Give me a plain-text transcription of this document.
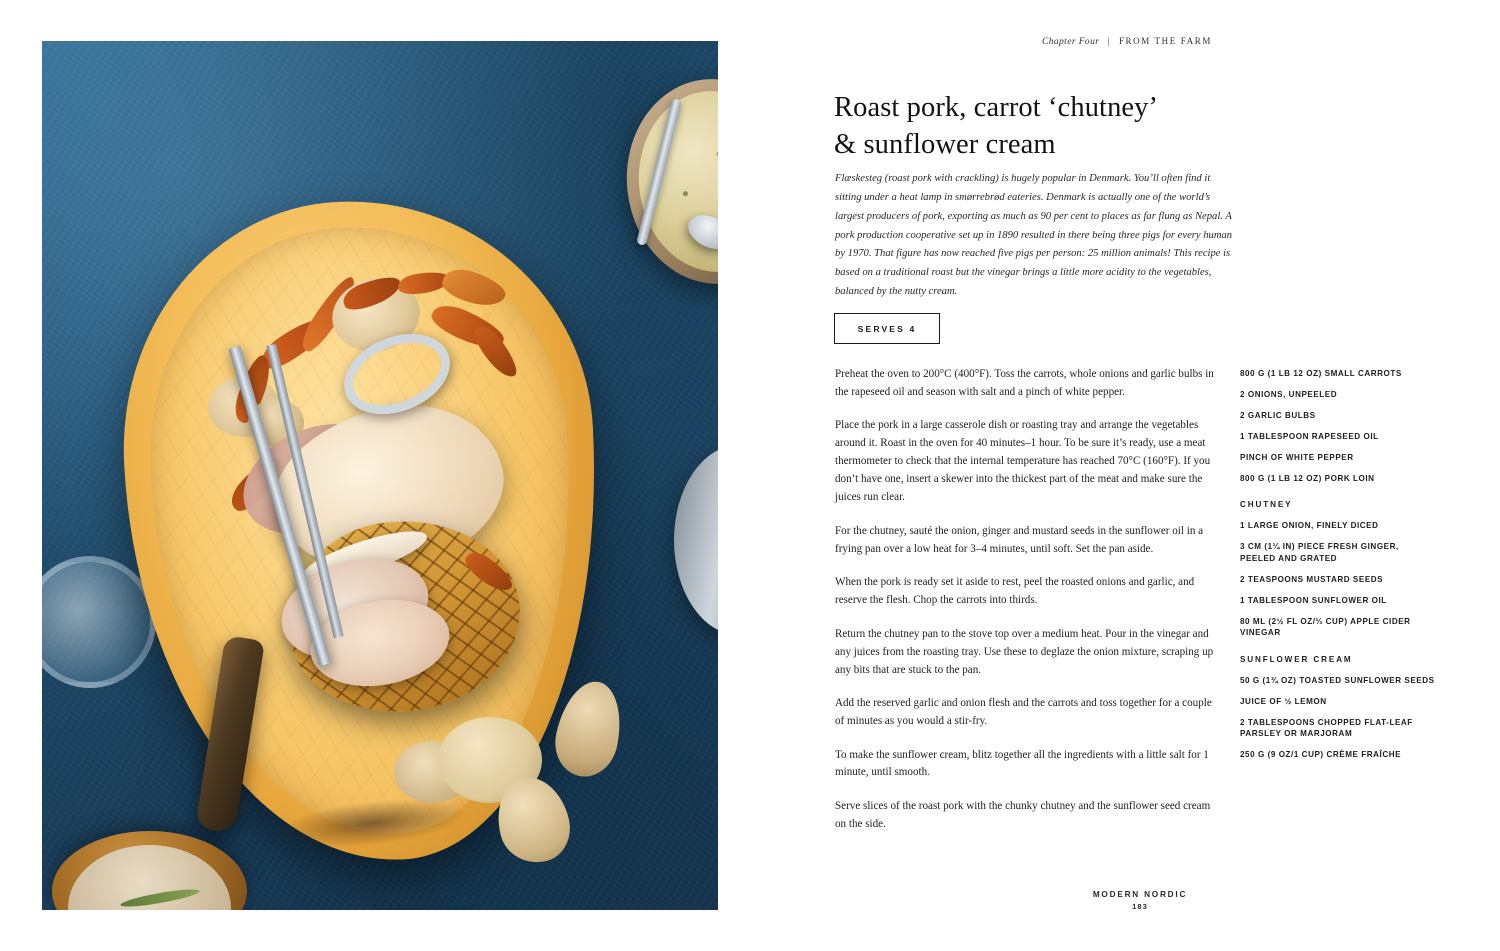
Chapter Four | FROM THE FARM
Roast pork, carrot ‘chutney’
& sunflower cream
Flæskesteg (roast pork with crackling) is hugely popular in Denmark. You’ll often find it sitting under a heat lamp in smørrebrød eateries. Denmark is actually one of the world’s largest producers of pork, exporting as much as 90 per cent to places as far flung as Nepal. A pork production cooperative set up in 1890 resulted in there being three pigs for every human by 1970. That figure has now reached five pigs per person: 25 million animals! This recipe is based on a traditional roast but the vinegar brings a little more acidity to the vegetables, balanced by the nutty cream.
SERVES 4

Preheat the oven to 200°C (400°F). Toss the carrots, whole onions and garlic bulbs in the rapeseed oil and season with salt and a pinch of white pepper.

Place the pork in a large casserole dish or roasting tray and arrange the vegetables around it. Roast in the oven for 40 minutes–1 hour. To be sure it’s ready, use a meat thermometer to check that the internal temperature has reached 70°C (160°F). If you don’t have one, insert a skewer into the thickest part of the meat and make sure the juices run clear.

For the chutney, sauté the onion, ginger and mustard seeds in the sunflower oil in a frying pan over a low heat for 3–4 minutes, until soft. Set the pan aside.

When the pork is ready set it aside to rest, peel the roasted onions and garlic, and reserve the flesh. Chop the carrots into thirds.

Return the chutney pan to the stove top over a medium heat. Pour in the vinegar and any juices from the roasting tray. Use these to deglaze the onion mixture, scraping up any bits that are stuck to the pan.

Add the reserved garlic and onion flesh and the carrots and toss together for a couple of minutes as you would a stir-fry.

To make the sunflower cream, blitz together all the ingredients with a little salt for 1 minute, until smooth.

Serve slices of the roast pork with the chunky chutney and the sunflower seed cream on the side.

800 G (1 LB 12 OZ) SMALL CARROTS
2 ONIONS, UNPEELED
2 GARLIC BULBS
1 TABLESPOON RAPESEED OIL
PINCH OF WHITE PEPPER
800 G (1 LB 12 OZ) PORK LOIN
CHUTNEY
1 LARGE ONION, FINELY DICED
3 CM (1¼ IN) PIECE FRESH GINGER, PEELED AND GRATED
2 TEASPOONS MUSTARD SEEDS
1 TABLESPOON SUNFLOWER OIL
80 ML (2½ FL OZ/⅓ CUP) APPLE CIDER VINEGAR
SUNFLOWER CREAM
50 G (1¾ OZ) TOASTED SUNFLOWER SEEDS
JUICE OF ½ LEMON
2 TABLESPOONS CHOPPED FLAT-LEAF PARSLEY OR MARJORAM
250 G (9 OZ/1 CUP) CRÈME FRAÎCHE
MODERN NORDIC
183
